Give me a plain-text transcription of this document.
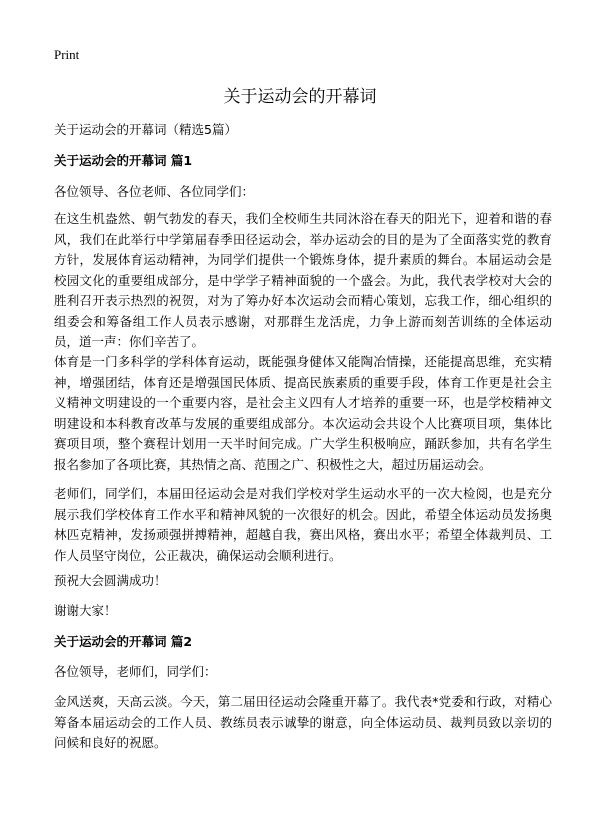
Print
关于运动会的开幕词

关于运动会的开幕词（精选5篇）

关于运动会的开幕词 篇1

各位领导、各位老师、各位同学们：

在这生机盎然、朝气勃发的春天，我们全校师生共同沐浴在春天的阳光下，迎着和谐的春风，我们在此举行中学第届春季田径运动会，举办运动会的目的是为了全面落实党的教育方针，发展体育运动精神，为同学们提供一个锻炼身体，提升素质的舞台。本届运动会是校园文化的重要组成部分，是中学学子精神面貌的一个盛会。为此，我代表学校对大会的胜利召开表示热烈的祝贺，对为了筹办好本次运动会而精心策划，忘我工作，细心组织的组委会和筹备组工作人员表示感谢，对那群生龙活虎，力争上游而刻苦训练的全体运动员，道一声：你们辛苦了。

体育是一门多科学的学科体育运动，既能强身健体又能陶冶情操，还能提高思维，充实精神，增强团结，体育还是增强国民体质、提高民族素质的重要手段，体育工作更是社会主义精神文明建设的一个重要内容，是社会主义四有人才培养的重要一环，也是学校精神文明建设和本科教育改革与发展的重要组成部分。本次运动会共设个人比赛项目项，集体比赛项目项，整个赛程计划用一天半时间完成。广大学生积极响应，踊跃参加，共有名学生报名参加了各项比赛，其热情之高、范围之广、积极性之大，超过历届运动会。

老师们，同学们，本届田径运动会是对我们学校对学生运动水平的一次大检阅，也是充分展示我们学校体育工作水平和精神风貌的一次很好的机会。因此，希望全体运动员发扬奥林匹克精神，发扬顽强拼搏精神，超越自我，赛出风格，赛出水平；希望全体裁判员、工作人员坚守岗位，公正裁决，确保运动会顺利进行。

预祝大会圆满成功！

谢谢大家！

关于运动会的开幕词 篇2

各位领导，老师们，同学们：

金风送爽，天高云淡。今天，第二届田径运动会隆重开幕了。我代表*党委和行政，对精心筹备本届运动会的工作人员、教练员表示诚挚的谢意，向全体运动员、裁判员致以亲切的问候和良好的祝愿。
